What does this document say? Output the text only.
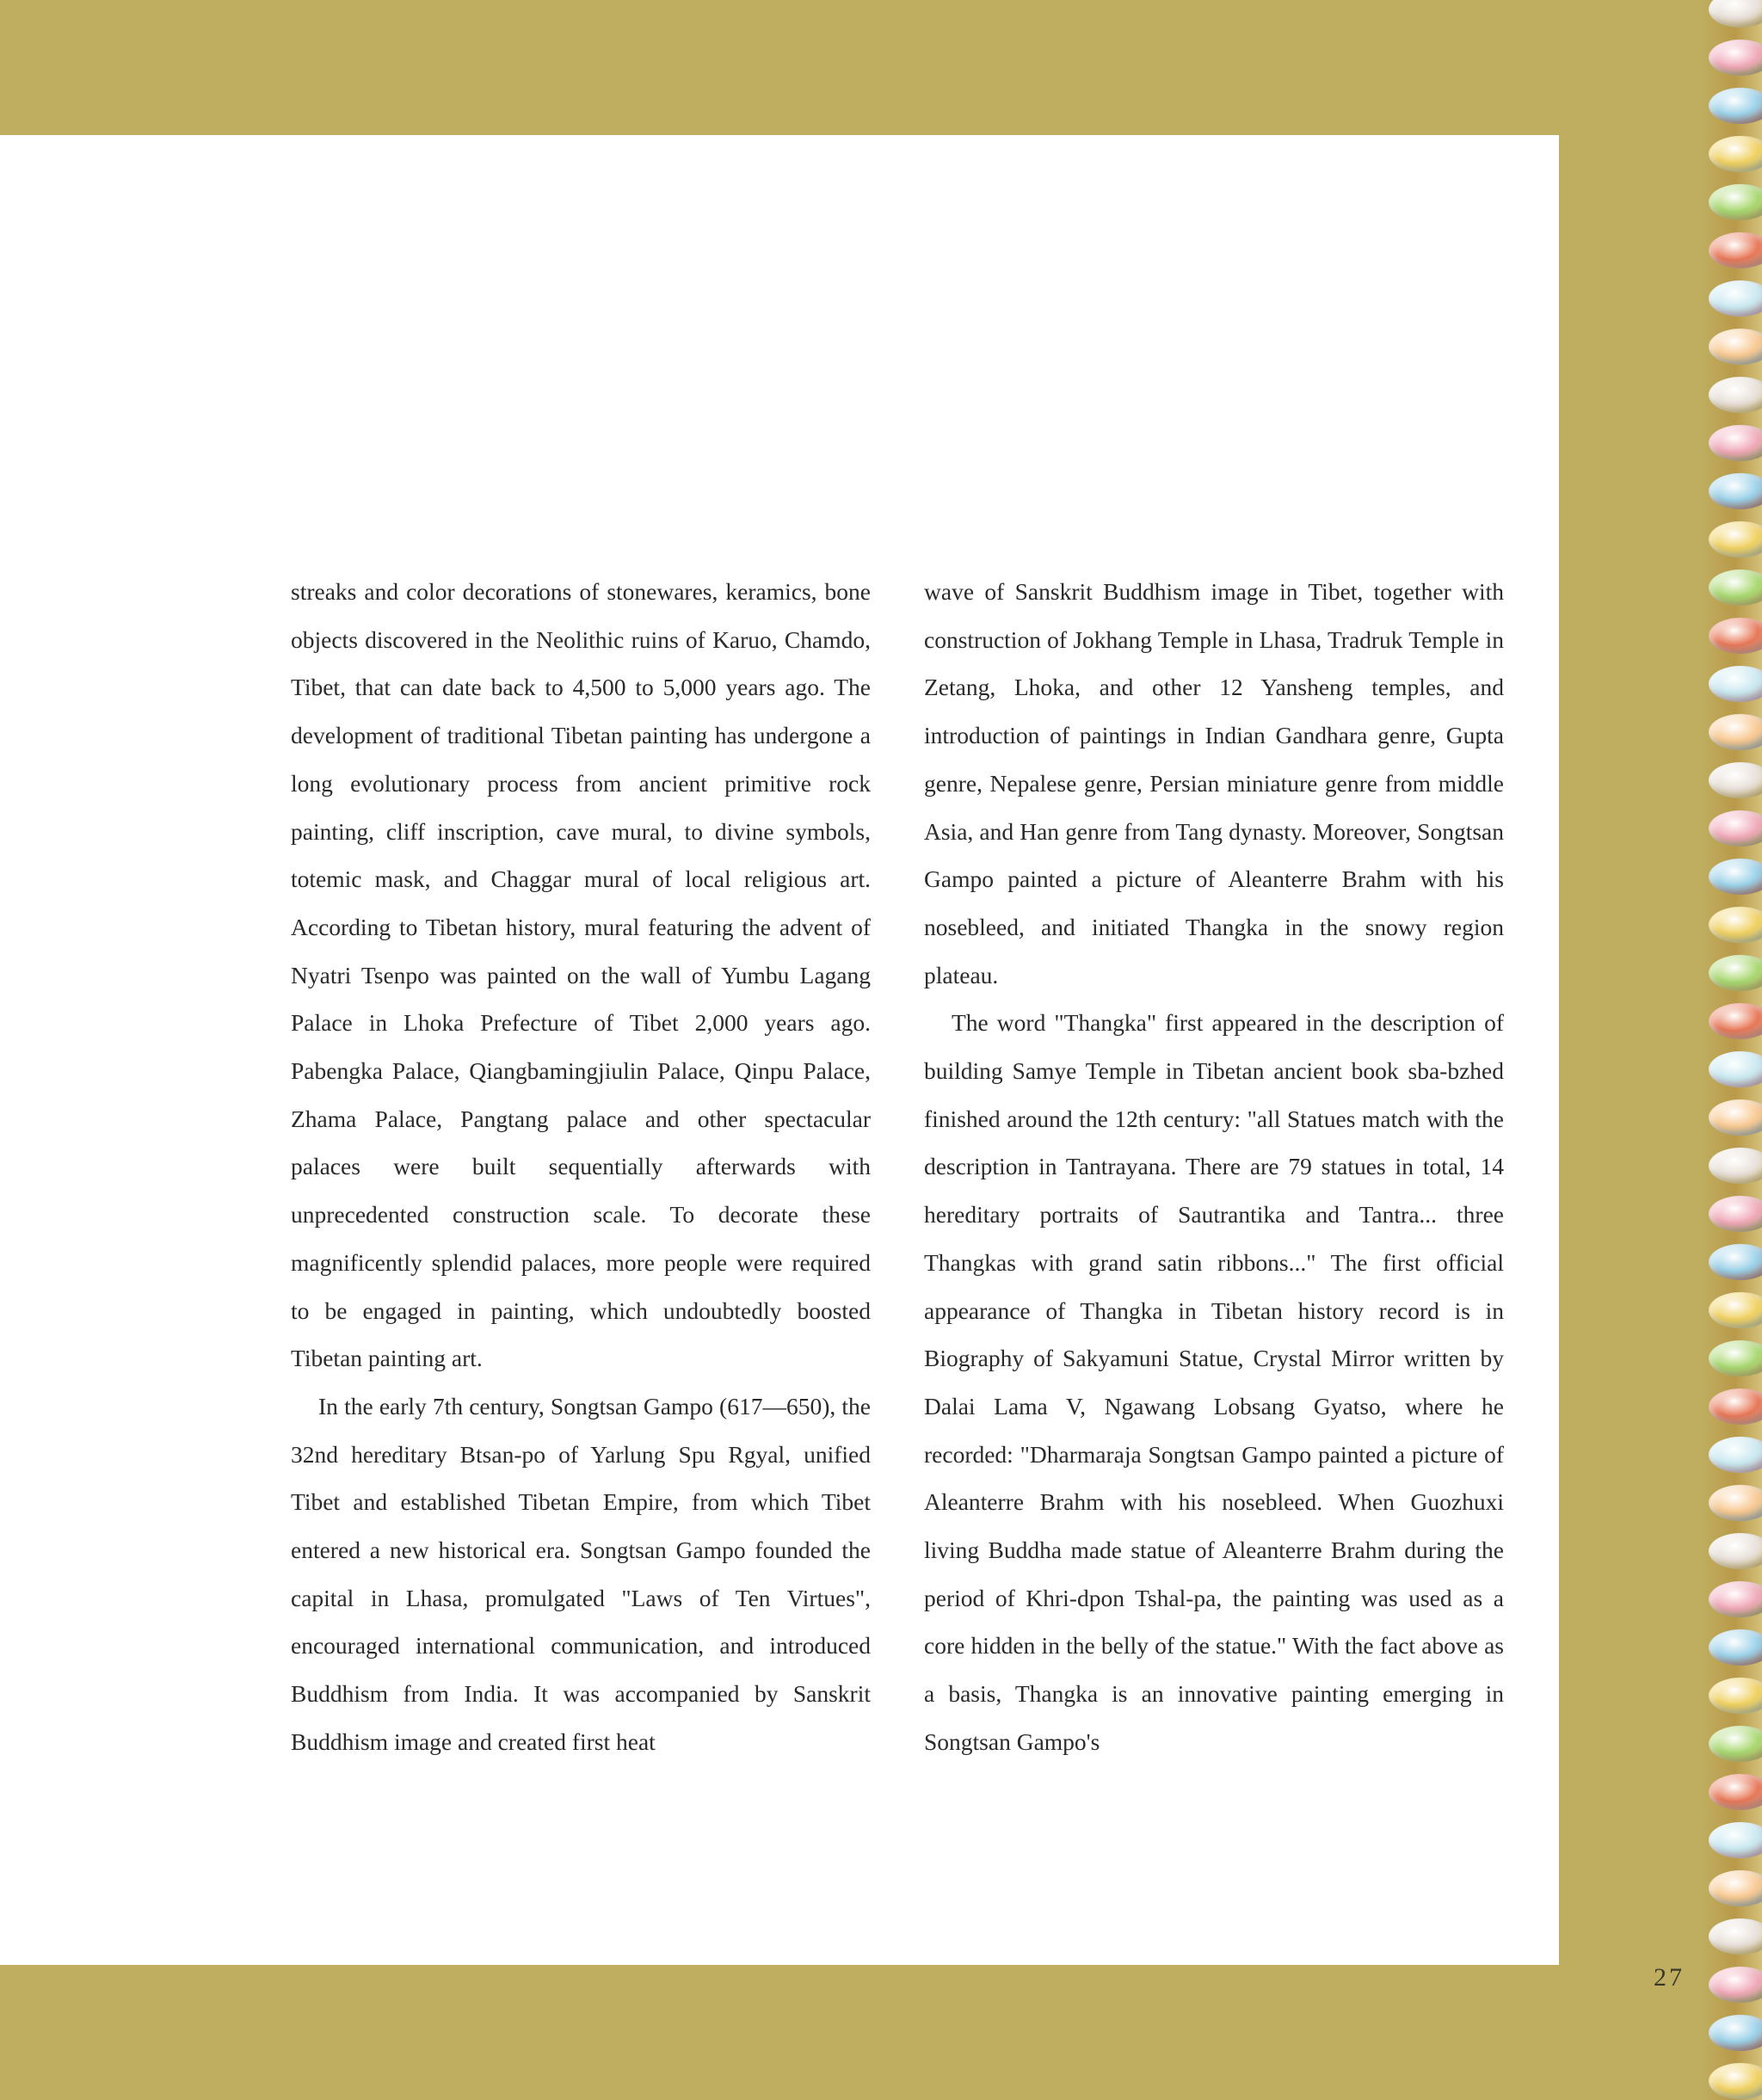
streaks and color decorations of stonewares, keramics, bone objects discovered in the Neolithic ruins of Karuo, Chamdo, Tibet, that can date back to 4,500 to 5,000 years ago. The development of traditional Tibetan painting has undergone a long evolutionary process from ancient primitive rock painting, cliff inscription, cave mural, to divine symbols, totemic mask, and Chaggar mural of local religious art. According to Tibetan history, mural featuring the advent of Nyatri Tsenpo was painted on the wall of Yumbu Lagang Palace in Lhoka Prefecture of Tibet 2,000 years ago. Pabengka Palace, Qiangbamingjiulin Palace, Qinpu Palace, Zhama Palace, Pangtang palace and other spectacular palaces were built sequentially afterwards with unprecedented construction scale. To decorate these magnificently splendid palaces, more people were required to be engaged in painting, which undoubtedly boosted Tibetan painting art.

In the early 7th century, Songtsan Gampo (617—650), the 32nd hereditary Btsan-po of Yarlung Spu Rgyal, unified Tibet and established Tibetan Empire, from which Tibet entered a new historical era. Songtsan Gampo founded the capital in Lhasa, promulgated "Laws of Ten Virtues", encouraged international communication, and introduced Buddhism from India. It was accompanied by Sanskrit Buddhism image and created first heat

wave of Sanskrit Buddhism image in Tibet, together with construction of Jokhang Temple in Lhasa, Tradruk Temple in Zetang, Lhoka, and other 12 Yansheng temples, and introduction of paintings in Indian Gandhara genre, Gupta genre, Nepalese genre, Persian miniature genre from middle Asia, and Han genre from Tang dynasty. Moreover, Songtsan Gampo painted a picture of Aleanterre Brahm with his nosebleed, and initiated Thangka in the snowy region plateau.

The word "Thangka" first appeared in the description of building Samye Temple in Tibetan ancient book sba-bzhed finished around the 12th century: "all Statues match with the description in Tantrayana. There are 79 statues in total, 14 hereditary portraits of Sautrantika and Tantra... three Thangkas with grand satin ribbons..." The first official appearance of Thangka in Tibetan history record is in Biography of Sakyamuni Statue, Crystal Mirror written by Dalai Lama V, Ngawang Lobsang Gyatso, where he recorded: "Dharmaraja Songtsan Gampo painted a picture of Aleanterre Brahm with his nosebleed. When Guozhuxi living Buddha made statue of Aleanterre Brahm during the period of Khri-dpon Tshal-pa, the painting was used as a core hidden in the belly of the statue." With the fact above as a basis, Thangka is an innovative painting emerging in Songtsan Gampo's

27
